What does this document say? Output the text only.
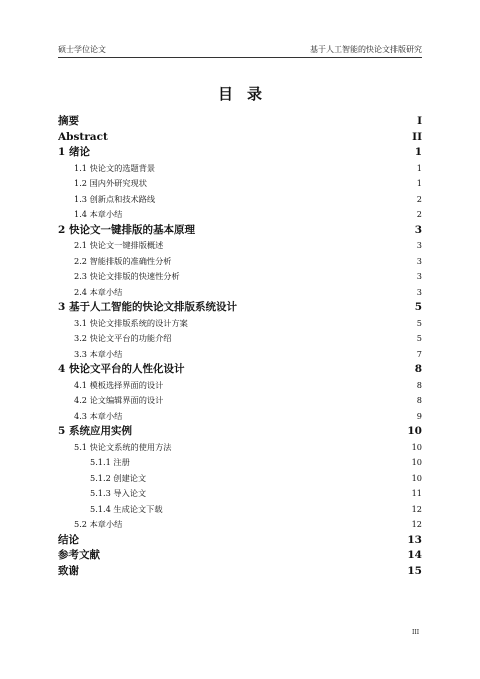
硕士学位论文	基于人工智能的快论文排版研究
目录
摘要	I
Abstract	II
1 绪论	1
1.1 快论文的选题背景	1
1.2 国内外研究现状	1
1.3 创新点和技术路线	2
1.4 本章小结	2
2 快论文一键排版的基本原理	3
2.1 快论文一键排版概述	3
2.2 智能排版的准确性分析	3
2.3 快论文排版的快速性分析	3
2.4 本章小结	3
3 基于人工智能的快论文排版系统设计	5
3.1 快论文排版系统的设计方案	5
3.2 快论文平台的功能介绍	5
3.3 本章小结	7
4 快论文平台的人性化设计	8
4.1 模板选择界面的设计	8
4.2 论文编辑界面的设计	8
4.3 本章小结	9
5 系统应用实例	10
5.1 快论文系统的使用方法	10
5.1.1 注册	10
5.1.2 创建论文	10
5.1.3 导入论文	11
5.1.4 生成论文下载	12
5.2 本章小结	12
结论	13
参考文献	14
致谢	15
III
